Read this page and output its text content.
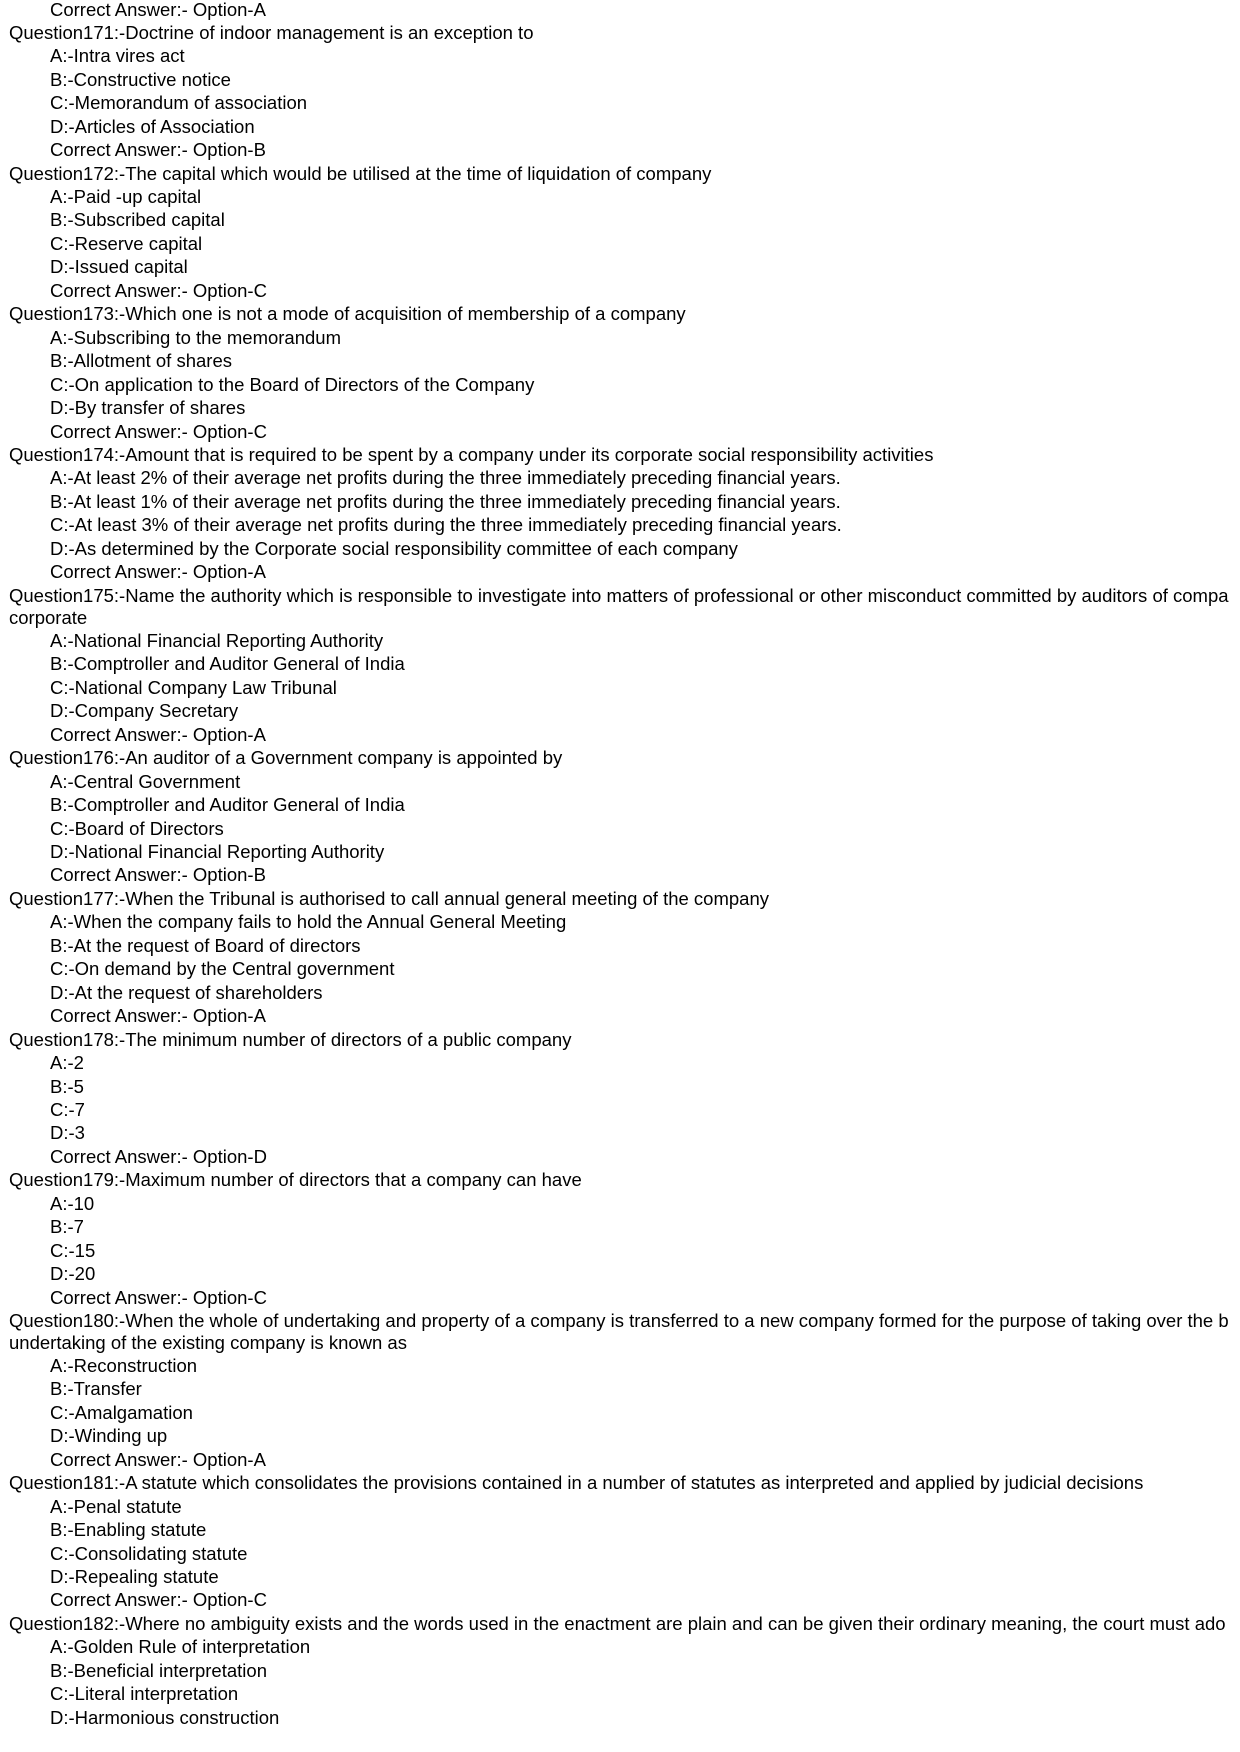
Correct Answer:- Option-A
Question171:-Doctrine of indoor management is an exception to
A:-Intra vires act
B:-Constructive notice
C:-Memorandum of association
D:-Articles of Association
Correct Answer:- Option-B
Question172:-The capital which would be utilised at the time of liquidation of company
A:-Paid -up capital
B:-Subscribed capital
C:-Reserve capital
D:-Issued capital
Correct Answer:- Option-C
Question173:-Which one is not a mode of acquisition of membership of a company
A:-Subscribing to the memorandum
B:-Allotment of shares
C:-On application to the Board of Directors of the Company
D:-By transfer of shares
Correct Answer:- Option-C
Question174:-Amount that is required to be spent by a company under its corporate social responsibility activities
A:-At least 2% of their average net profits during the three immediately preceding financial years.
B:-At least 1% of their average net profits during the three immediately preceding financial years.
C:-At least 3% of their average net profits during the three immediately preceding financial years.
D:-As determined by the Corporate social responsibility committee of each company
Correct Answer:- Option-A
Question175:-Name the authority which is responsible to investigate into matters of professional or other misconduct committed by auditors of compa
corporate
A:-National Financial Reporting Authority
B:-Comptroller and Auditor General of India
C:-National Company Law Tribunal
D:-Company Secretary
Correct Answer:- Option-A
Question176:-An auditor of a Government company is appointed by
A:-Central Government
B:-Comptroller and Auditor General of India
C:-Board of Directors
D:-National Financial Reporting Authority
Correct Answer:- Option-B
Question177:-When the Tribunal is authorised to call annual general meeting of the company
A:-When the company fails to hold the Annual General Meeting
B:-At the request of Board of directors
C:-On demand by the Central government
D:-At the request of shareholders
Correct Answer:- Option-A
Question178:-The minimum number of directors of a public company
A:-2
B:-5
C:-7
D:-3
Correct Answer:- Option-D
Question179:-Maximum number of directors that a company can have
A:-10
B:-7
C:-15
D:-20
Correct Answer:- Option-C
Question180:-When the whole of undertaking and property of a company is transferred to a new company formed for the purpose of taking over the b
undertaking of the existing company is known as
A:-Reconstruction
B:-Transfer
C:-Amalgamation
D:-Winding up
Correct Answer:- Option-A
Question181:-A statute which consolidates the provisions contained in a number of statutes as interpreted and applied by judicial decisions
A:-Penal statute
B:-Enabling statute
C:-Consolidating statute
D:-Repealing statute
Correct Answer:- Option-C
Question182:-Where no ambiguity exists and the words used in the enactment are plain and can be given their ordinary meaning, the court must ado
A:-Golden Rule of interpretation
B:-Beneficial interpretation
C:-Literal interpretation
D:-Harmonious construction
